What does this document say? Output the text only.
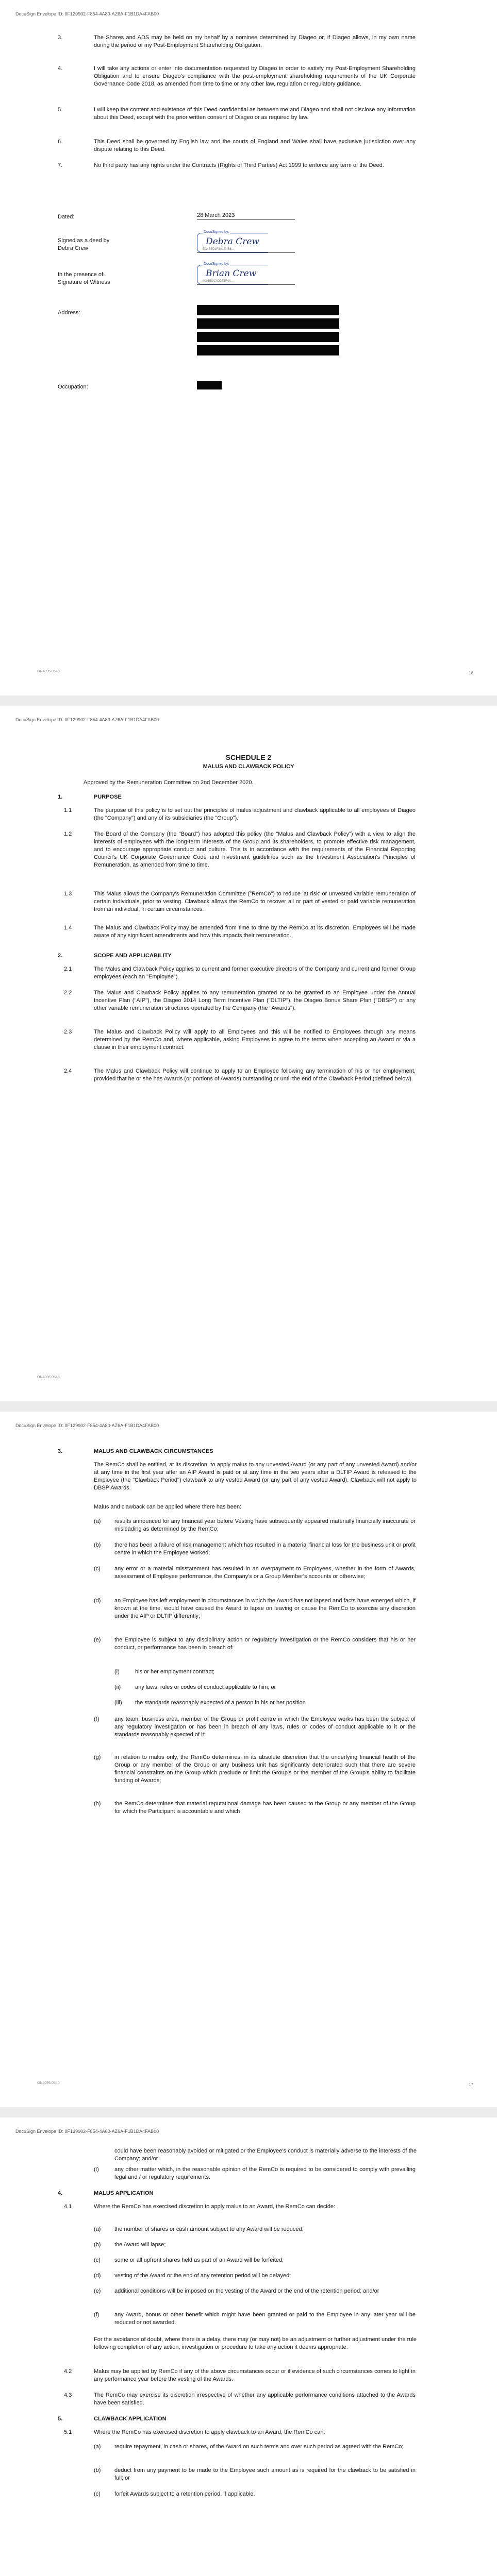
DocuSign Envelope ID: 0F129902-F854-4A80-AZ6A-F1B1DA4FAB00
3.	The Shares and ADS may be held on my behalf by a nominee determined by Diageo or, if Diageo allows, in my own name during the period of my Post-Employment Shareholding Obligation.
4.	I will take any actions or enter into documentation requested by Diageo in order to satisfy my Post-Employment Shareholding Obligation and to ensure Diageo's compliance with the post-employment shareholding requirements of the UK Corporate Governance Code 2018, as amended from time to time or any other law, regulation or regulatory guidance.
5.	I will keep the content and existence of this Deed confidential as between me and Diageo and shall not disclose any information about this Deed, except with the prior written consent of Diageo or as required by law.
6.	This Deed shall be governed by English law and the courts of England and Wales shall have exclusive jurisdiction over any dispute relating to this Deed.
7.	No third party has any rights under the Contracts (Rights of Third Parties) Act 1999 to enforce any term of the Deed.
Dated:	28 March 2023
Signed as a deed by
Debra Crew
DocuSigned by:
Debra Crew
EC4B7D1F3A1E4B6...
In the presence of:
Signature of Witness
DocuSigned by:
Brian Crew
60A5B3C4D2E1F4A...
Address:
Occupation:
ON4095 0540	16
DocuSign Envelope ID: 0F129902-F854-4A80-AZ6A-F1B1DA4FAB00
SCHEDULE 2
MALUS AND CLAWBACK POLICY
Approved by the Remuneration Committee on 2nd December 2020.
1.	PURPOSE
1.1	The purpose of this policy is to set out the principles of malus adjustment and clawback applicable to all employees of Diageo (the "Company") and any of its subsidiaries (the "Group").
1.2	The Board of the Company (the "Board") has adopted this policy (the "Malus and Clawback Policy") with a view to align the interests of employees with the long-term interests of the Group and its shareholders, to promote effective risk management, and to encourage appropriate conduct and culture. This is in accordance with the requirements of the Financial Reporting Council's UK Corporate Governance Code and investment guidelines such as the Investment Association's Principles of Remuneration, as amended from time to time.
1.3	This Malus allows the Company's Remuneration Committee ("RemCo") to reduce 'at risk' or unvested variable remuneration of certain individuals, prior to vesting. Clawback allows the RemCo to recover all or part of vested or paid variable remuneration from an individual, in certain circumstances.
1.4	The Malus and Clawback Policy may be amended from time to time by the RemCo at its discretion. Employees will be made aware of any significant amendments and how this impacts their remuneration.
2.	SCOPE AND APPLICABILITY
2.1	The Malus and Clawback Policy applies to current and former executive directors of the Company and current and former Group employees (each an "Employee").
2.2	The Malus and Clawback Policy applies to any remuneration granted or to be granted to an Employee under the Annual Incentive Plan ("AIP"), the Diageo 2014 Long Term Incentive Plan ("DLTIP"), the Diageo Bonus Share Plan ("DBSP") or any other variable remuneration structures operated by the Company (the "Awards").
2.3	The Malus and Clawback Policy will apply to all Employees and this will be notified to Employees through any means determined by the RemCo and, where applicable, asking Employees to agree to the terms when accepting an Award or via a clause in their employment contract.
2.4	The Malus and Clawback Policy will continue to apply to an Employee following any termination of his or her employment, provided that he or she has Awards (or portions of Awards) outstanding or until the end of the Clawback Period (defined below).
ON4095 0540
DocuSign Envelope ID: 0F129902-F854-4A80-AZ6A-F1B1DA4FAB00
3.	MALUS AND CLAWBACK CIRCUMSTANCES
The RemCo shall be entitled, at its discretion, to apply malus to any unvested Award (or any part of any unvested Award) and/or at any time in the first year after an AIP Award is paid or at any time in the two years after a DLTIP Award is released to the Employee (the "Clawback Period") clawback to any vested Award (or any part of any vested Award). Clawback will not apply to DBSP Awards.
Malus and clawback can be applied where there has been:
(a) results announced for any financial year before Vesting have subsequently appeared materially financially inaccurate or misleading as determined by the RemCo;
(b) there has been a failure of risk management which has resulted in a material financial loss for the business unit or profit centre in which the Employee worked;
(c) any error or a material misstatement has resulted in an overpayment to Employees, whether in the form of Awards, assessment of Employee performance, the Company's or a Group Member's accounts or otherwise;
(d) an Employee has left employment in circumstances in which the Award has not lapsed and facts have emerged which, if known at the time, would have caused the Award to lapse on leaving or cause the RemCo to exercise any discretion under the AIP or DLTIP differently;
(e) the Employee is subject to any disciplinary action or regulatory investigation or the RemCo considers that his or her conduct, or performance has been in breach of:
(i)	his or her employment contract;
(ii)	any laws, rules or codes of conduct applicable to him; or
(iii) the standards reasonably expected of a person in his or her position
(f)	any team, business area, member of the Group or profit centre in which the Employee works has been the subject of any regulatory investigation or has been in breach of any laws, rules or codes of conduct applicable to it or the standards reasonably expected of it;
(g) in relation to malus only, the RemCo determines, in its absolute discretion that the underlying financial health of the Group or any member of the Group or any business unit has significantly deteriorated such that there are severe financial constraints on the Group which preclude or limit the Group's or the member of the Group's ability to facilitate funding of Awards;
(h) the RemCo determines that material reputational damage has been caused to the Group or any member of the Group for which the Participant is accountable and which
ON4095 0540	17
DocuSign Envelope ID: 0F129902-F854-4A80-AZ6A-F1B1DA4FAB00
could have been reasonably avoided or mitigated or the Employee's conduct is materially adverse to the interests of the Company; and/or
(i)	any other matter which, in the reasonable opinion of the RemCo is required to be considered to comply with prevailing legal and / or regulatory requirements.
4.	MALUS APPLICATION
4.1	Where the RemCo has exercised discretion to apply malus to an Award, the RemCo can decide:
(a) the number of shares or cash amount subject to any Award will be reduced;
(b) the Award will lapse;
(c) some or all upfront shares held as part of an Award will be forfeited;
(d) vesting of the Award or the end of any retention period will be delayed;
(e) additional conditions will be imposed on the vesting of the Award or the end of the retention period; and/or
(f)	any Award, bonus or other benefit which might have been granted or paid to the Employee in any later year will be reduced or not awarded.
For the avoidance of doubt, where there is a delay, there may (or may not) be an adjustment or further adjustment under the rule following completion of any action, investigation or procedure to take any action it deems appropriate.
4.2	Malus may be applied by RemCo if any of the above circumstances occur or if evidence of such circumstances comes to light in any performance year before the vesting of the Awards.
4.3	The RemCo may exercise its discretion irrespective of whether any applicable performance conditions attached to the Awards have been satisfied.
5.	CLAWBACK APPLICATION
5.1	Where the RemCo has exercised discretion to apply clawback to an Award, the RemCo can:
(a) require repayment, in cash or shares, of the Award on such terms and over such period as agreed with the RemCo;
(b) deduct from any payment to be made to the Employee such amount as is required for the clawback to be satisfied in full; or
(c) forfeit Awards subject to a retention period, if applicable.
